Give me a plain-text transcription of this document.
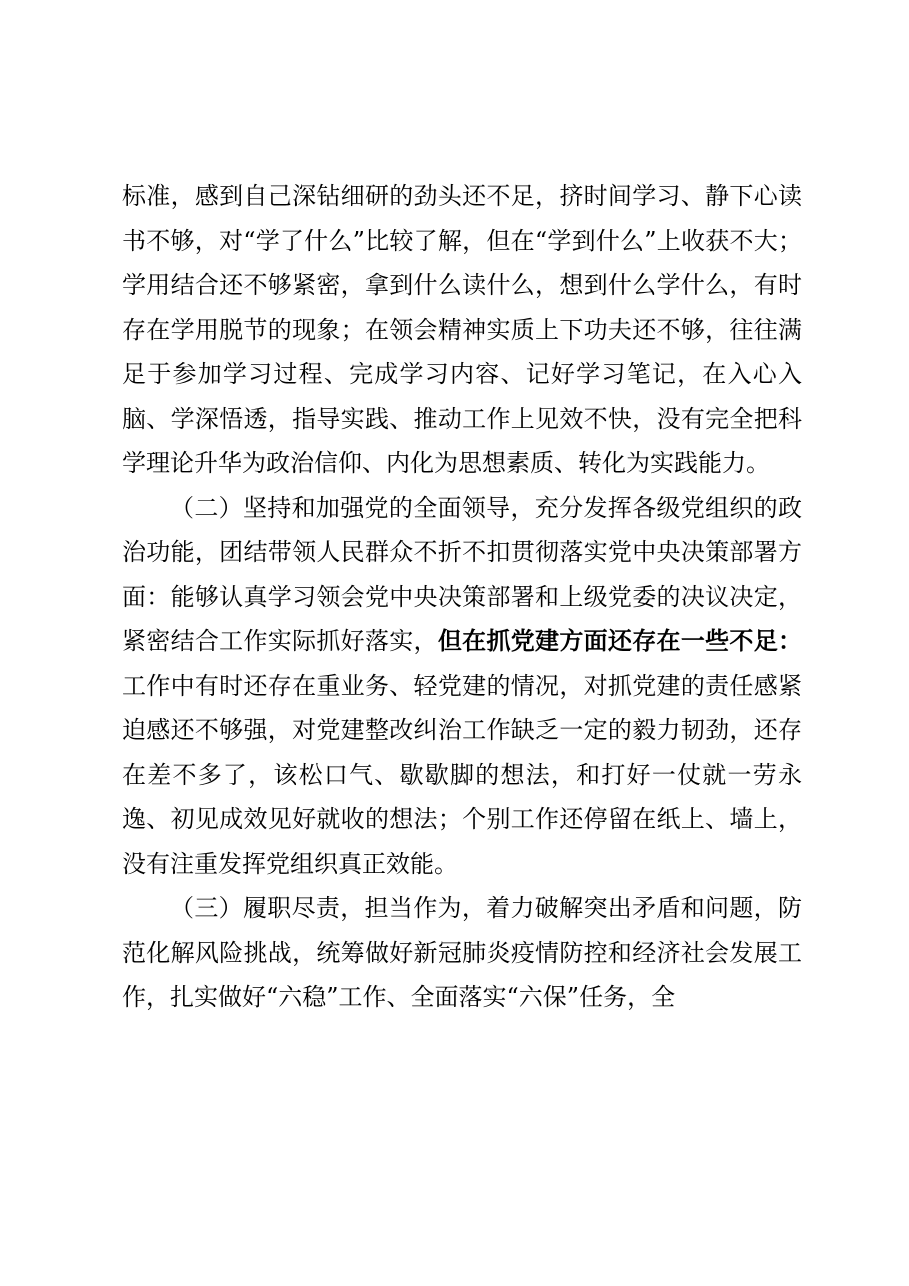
标准，感到自己深钻细研的劲头还不足，挤时间学习、静下心读书不够，对“学了什么”比较了解，但在“学到什么”上收获不大；学用结合还不够紧密，拿到什么读什么，想到什么学什么，有时存在学用脱节的现象；在领会精神实质上下功夫还不够，往往满足于参加学习过程、完成学习内容、记好学习笔记，在入心入脑、学深悟透，指导实践、推动工作上见效不快，没有完全把科学理论升华为政治信仰、内化为思想素质、转化为实践能力。

（二）坚持和加强党的全面领导，充分发挥各级党组织的政治功能，团结带领人民群众不折不扣贯彻落实党中央决策部署方面：能够认真学习领会党中央决策部署和上级党委的决议决定，紧密结合工作实际抓好落实，但在抓党建方面还存在一些不足：工作中有时还存在重业务、轻党建的情况，对抓党建的责任感紧迫感还不够强，对党建整改纠治工作缺乏一定的毅力韧劲，还存在差不多了，该松口气、歇歇脚的想法，和打好一仗就一劳永逸、初见成效见好就收的想法；个别工作还停留在纸上、墙上，没有注重发挥党组织真正效能。

（三）履职尽责，担当作为，着力破解突出矛盾和问题，防范化解风险挑战，统筹做好新冠肺炎疫情防控和经济社会发展工作，扎实做好“六稳”工作、全面落实“六保”任务，全
